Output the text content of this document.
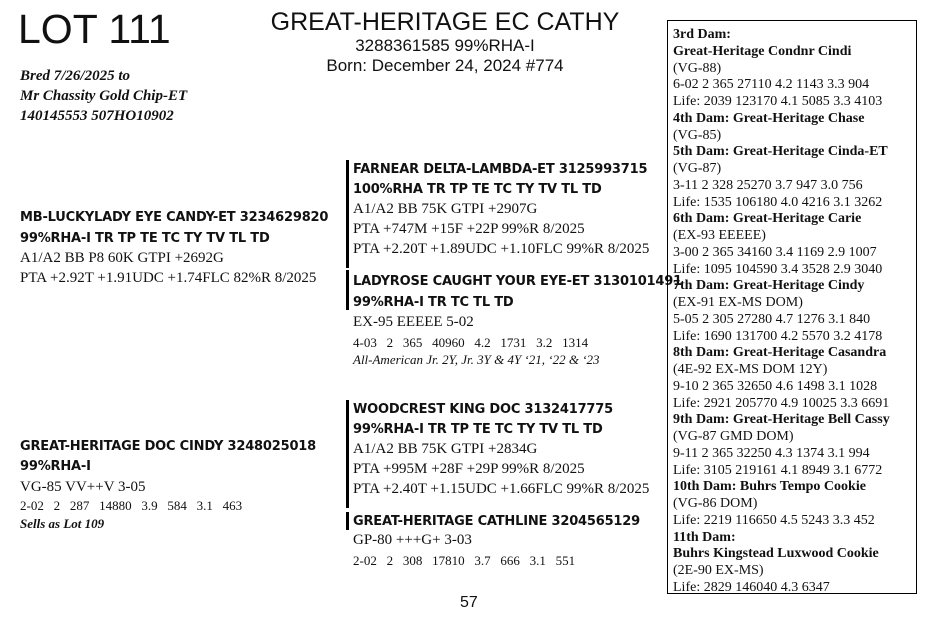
LOT 111	GREAT-HERITAGE EC CATHY
3288361585 99%RHA-I
Born: December 24, 2024 #774
Bred 7/26/2025 to
Mr Chassity Gold Chip-ET
140145553 507HO10902
MB-LUCKYLADY EYE CANDY-ET 3234629820
99%RHA-I TR TP TE TC TY TV TL TD
A1/A2 BB P8 60K GTPI +2692G
PTA +2.92T +1.91UDC +1.74FLC 82%R 8/2025
FARNEAR DELTA-LAMBDA-ET 3125993715
100%RHA TR TP TE TC TY TV TL TD
A1/A2 BB 75K GTPI +2907G
PTA +747M +15F +22P 99%R 8/2025
PTA +2.20T +1.89UDC +1.10FLC 99%R 8/2025
LADYROSE CAUGHT YOUR EYE-ET 3130101491
99%RHA-I TR TC TL TD
EX-95 EEEEE 5-02
4-03   2   365   40960   4.2   1731   3.2   1314
All-American Jr. 2Y, Jr. 3Y & 4Y ‘21, ‘22 & ‘23
GREAT-HERITAGE DOC CINDY 3248025018
99%RHA-I
VG-85 VV++V 3-05
2-02   2   287   14880   3.9   584   3.1   463
Sells as Lot 109
WOODCREST KING DOC 3132417775
99%RHA-I TR TP TE TC TY TV TL TD
A1/A2 BB 75K GTPI +2834G
PTA +995M +28F +29P 99%R 8/2025
PTA +2.40T +1.15UDC +1.66FLC 99%R 8/2025
GREAT-HERITAGE CATHLINE 3204565129
GP-80 +++G+ 3-03
2-02   2   308   17810   3.7   666   3.1   551
3rd Dam:
Great-Heritage Condnr Cindi
(VG-88)
6-02 2 365 27110 4.2 1143 3.3 904
Life: 2039 123170 4.1 5085 3.3 4103
4th Dam: Great-Heritage Chase
(VG-85)
5th Dam: Great-Heritage Cinda-ET
(VG-87)
3-11 2 328 25270 3.7 947 3.0 756
Life: 1535 106180 4.0 4216 3.1 3262
6th Dam: Great-Heritage Carie
(EX-93 EEEEE)
3-00 2 365 34160 3.4 1169 2.9 1007
Life: 1095 104590 3.4 3528 2.9 3040
7th Dam: Great-Heritage Cindy
(EX-91 EX-MS DOM)
5-05 2 305 27280 4.7 1276 3.1 840
Life: 1690 131700 4.2 5570 3.2 4178
8th Dam: Great-Heritage Casandra
(4E-92 EX-MS DOM 12Y)
9-10 2 365 32650 4.6 1498 3.1 1028
Life: 2921 205770 4.9 10025 3.3 6691
9th Dam: Great-Heritage Bell Cassy
(VG-87 GMD DOM)
9-11 2 365 32250 4.3 1374 3.1 994
Life: 3105 219161 4.1 8949 3.1 6772
10th Dam: Buhrs Tempo Cookie
(VG-86 DOM)
Life: 2219 116650 4.5 5243 3.3 452
11th Dam:
Buhrs Kingstead Luxwood Cookie
(2E-90 EX-MS)
Life: 2829 146040 4.3 6347
57
